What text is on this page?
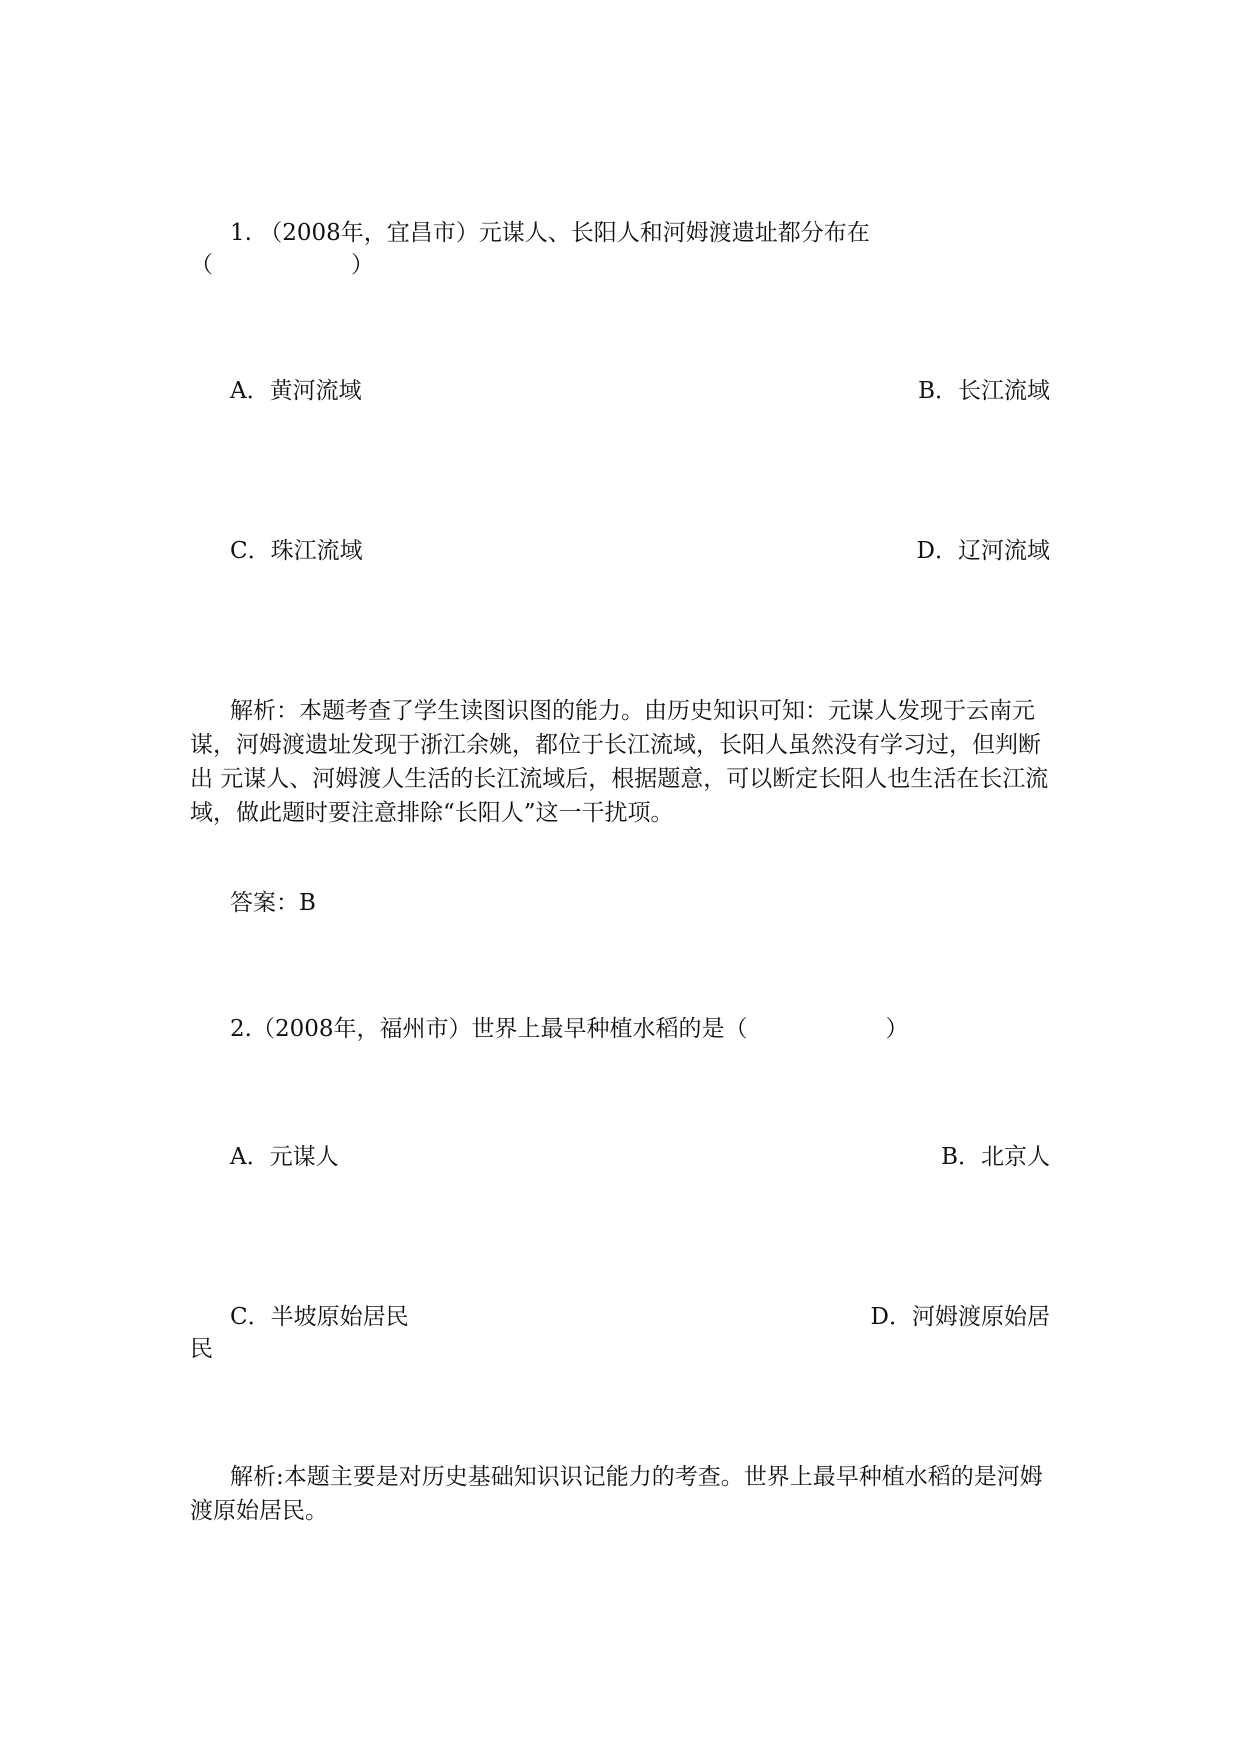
1. （2008年，宜昌市）元谋人、长阳人和河姆渡遗址都分布在
（　　　　　　）
A．黄河流域	B．长江流域
C．珠江流域	D．辽河流域
解析：本题考查了学生读图识图的能力。由历史知识可知：元谋人发现于云南元谋，河姆渡遗址发现于浙江余姚，都位于长江流域，长阳人虽然没有学习过，但判断出 元谋人、河姆渡人生活的长江流域后，根据题意，可以断定长阳人也生活在长江流域，做此题时要注意排除“长阳人”这一干扰项。
答案：B
2.（2008年，福州市）世界上最早种植水稻的是（　　　　　　）
A．元谋人	B．北京人
C．半坡原始居民	D．河姆渡原始居
民
解析:本题主要是对历史基础知识识记能力的考查。世界上最早种植水稻的是河姆渡原始居民。
